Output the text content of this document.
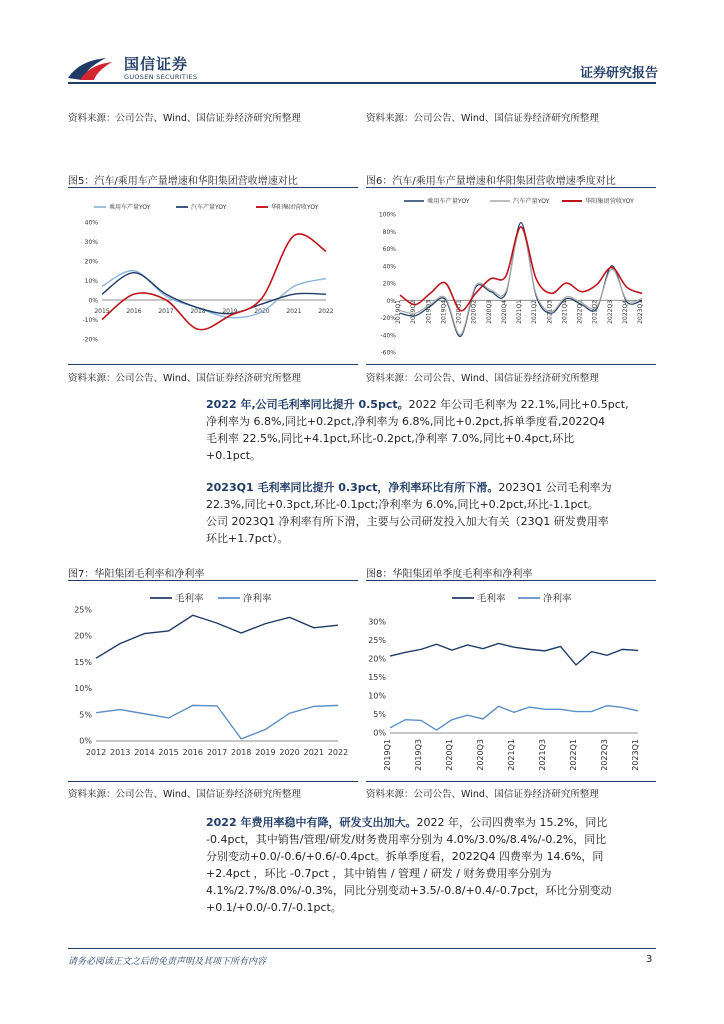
国信证券
GUOSEN SECURITIES	证券研究报告
资料来源：公司公告、Wind、国信证券经济研究所整理	资料来源：公司公告、Wind、国信证券经济研究所整理
图5：汽车/乘用车产量增速和华阳集团营收增速对比	图6：汽车/乘用车产量增速和华阳集团营收增速季度对比
40%
30%
20%
10%
0%
-10%
-20%
2015	2016	2017	2018	2019	2020	2021	2022
乘用车产量YOY	汽车产量YOY	华阳集团营收YOY
100%
80%
60%
40%
20%
0%
-20%
-40%
-60%
2019Q1 2019Q2 2019Q3 2019Q4 2020Q1 2020Q2 2020Q3 2020Q4 2021Q1 2021Q2 2021Q3 2021Q4 2022Q1 2022Q2 2022Q3 2022Q4 2023Q1
乘用车产量YOY	汽车产量YOY	华阳集团营收YOY
资料来源：公司公告、Wind、国信证券经济研究所整理	资料来源：公司公告、Wind、国信证券经济研究所整理
2022 年,公司毛利率同比提升 0.5pct。2022 年公司毛利率为 22.1%,同比+0.5pct,
净利率为 6.8%,同比+0.2pct,净利率为 6.8%,同比+0.2pct,拆单季度看,2022Q4
毛利率 22.5%,同比+4.1pct,环比-0.2pct,净利率 7.0%,同比+0.4pct,环比
+0.1pct。
2023Q1 毛利率同比提升 0.3pct，净利率环比有所下滑。2023Q1 公司毛利率为
22.3%,同比+0.3pct,环比-0.1pct;净利率为 6.0%,同比+0.2pct,环比-1.1pct。
公司 2023Q1 净利率有所下滑，主要与公司研发投入加大有关（23Q1 研发费用率
环比+1.7pct）。
图7：华阳集团毛利率和净利率	图8：华阳集团单季度毛利率和净利率
25%
20%
15%
10%
5%
0%
2012 2013 2014 2015 2016 2017 2018 2019 2020 2021 2022
毛利率	净利率
30%
25%
20%
15%
10%
5%
0%
2019Q1	2019Q3	2020Q1	2020Q3	2021Q1	2021Q3	2022Q1	2022Q3	2023Q1
毛利率	净利率
资料来源：公司公告、Wind、国信证券经济研究所整理	资料来源：公司公告、Wind、国信证券经济研究所整理
2022 年费用率稳中有降，研发支出加大。2022 年，公司四费率为 15.2%，同比
-0.4pct，其中销售/管理/研发/财务费用率分别为 4.0%/3.0%/8.4%/-0.2%，同比
分别变动+0.0/-0.6/+0.6/-0.4pct。拆单季度看，2022Q4 四费率为 14.6%，同
+2.4pct ，环比 -0.7pct ，其中销售 / 管理 / 研发 / 财务费用率分别为
4.1%/2.7%/8.0%/-0.3%，同比分别变动+3.5/-0.8/+0.4/-0.7pct，环比分别变动
+0.1/+0.0/-0.7/-0.1pct。
请务必阅读正文之后的免责声明及其项下所有内容	3
